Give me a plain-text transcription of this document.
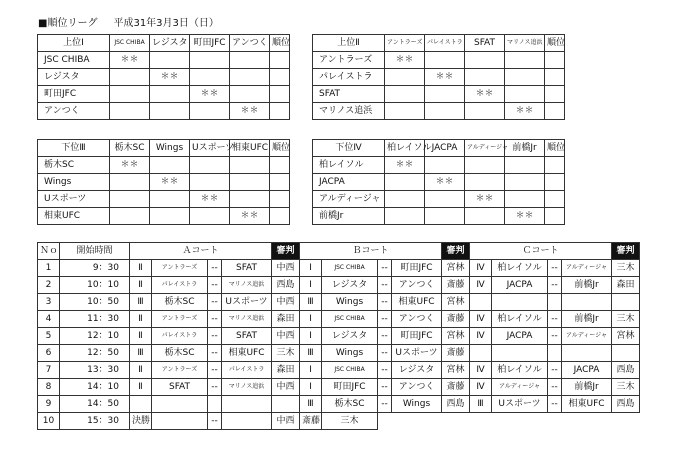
■順位リーグ 平成31年3月3日（日）
上位Ⅰ	JSC CHIBA	レジスタ	町田JFC	アンつく	順位
JSC CHIBA	＊＊				
レジスタ		＊＊			
町田JFC			＊＊		
アンつく				＊＊	
上位Ⅱ	アントラーズ	パレイストラ	SFAT	マリノス追浜	順位
アントラーズ	＊＊				
パレイストラ		＊＊			
SFAT			＊＊		
マリノス追浜				＊＊	
下位Ⅲ	栃木SC	Wings	Uスポーツ	相東UFC	順位
栃木SC	＊＊				
Wings		＊＊			
Uスポーツ			＊＊		
相東UFC				＊＊	
下位Ⅳ	柏レイソル	JACPA	アルディージャ	前橋Jr	順位
柏レイソル	＊＊				
JACPA		＊＊			
アルディージャ			＊＊		
前橋Jr				＊＊	
Ｎｏ	開始時間	Ａコート				審判	Ｂコート				審判	Ｃコート				審判	
1	9：30	Ⅱ	アントラーズ	--	SFAT	中西	Ⅰ	JSC CHIBA	--	町田JFC	宮林	Ⅳ	柏レイソル	--	アルディージャ	三木	
2	10：10	Ⅱ	パレイストラ	--	マリノス追浜	西島	Ⅰ	レジスタ	--	アンつく	斎藤	Ⅳ	JACPA	--	前橋Jr	森田	
3	10：50	Ⅲ	栃木SC	--	Uスポーツ	中西	Ⅲ	Wings	--	相東UFC	宮林						
4	11：30	Ⅱ	アントラーズ	--	マリノス追浜	森田	Ⅰ	JSC CHIBA	--	アンつく	斎藤	Ⅳ	柏レイソル	--	前橋Jr	三木	
5	12：10	Ⅱ	パレイストラ	--	SFAT	中西	Ⅰ	レジスタ	--	町田JFC	宮林	Ⅳ	JACPA	--	アルディージャ	宮林	
6	12：50	Ⅲ	栃木SC	--	相東UFC	三木	Ⅲ	Wings	--	Uスポーツ	斎藤						
7	13：30	Ⅱ	アントラーズ	--	パレイストラ	森田	Ⅰ	JSC CHIBA	--	レジスタ	宮林	Ⅳ	柏レイソル	--	JACPA	西島	
8	14：10	Ⅱ	SFAT	--	マリノス追浜	中西	Ⅰ	町田JFC	--	アンつく	斎藤	Ⅳ	アルディージャ	--	前橋Jr	三木	
9	14：50						Ⅲ	栃木SC	--	Wings	西島	Ⅲ	Uスポーツ	--	相東UFC	西島	
10	15：30	決勝		--		中西	斎藤	三木										
